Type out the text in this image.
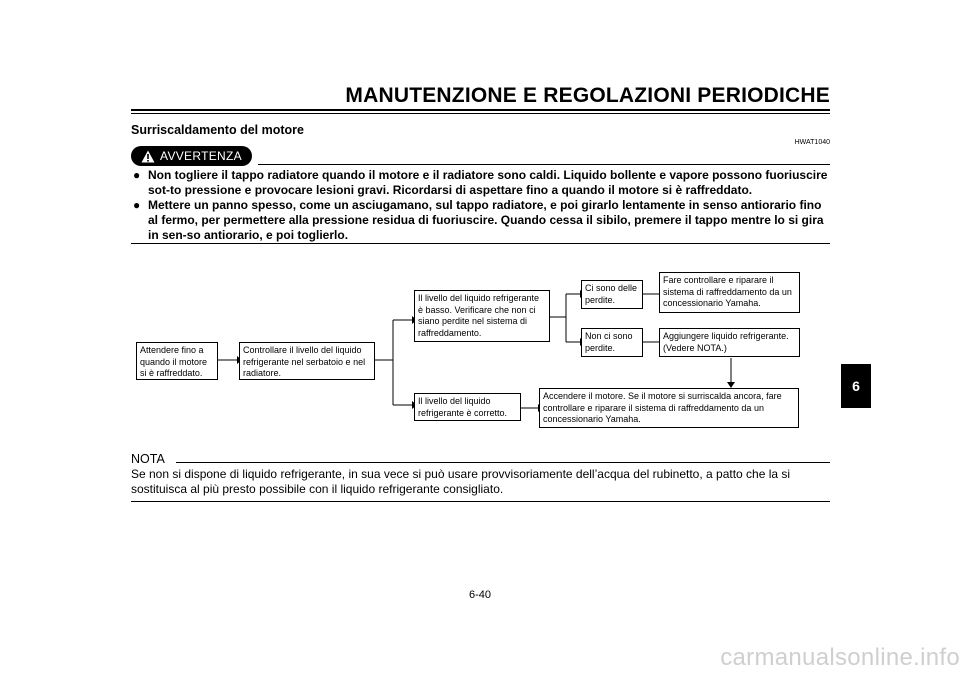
MANUTENZIONE E REGOLAZIONI PERIODICHE
Surriscaldamento del motore
HWAT1040
AVVERTENZA
● Non togliere il tappo radiatore quando il motore e il radiatore sono caldi. Liquido bollente e vapore possono fuoriuscire sot-to pressione e provocare lesioni gravi. Ricordarsi di aspettare fino a quando il motore si è raffreddato.
● Mettere un panno spesso, come un asciugamano, sul tappo radiatore, e poi girarlo lentamente in senso antiorario fino al fermo, per permettere alla pressione residua di fuoriuscire. Quando cessa il sibilo, premere il tappo mentre lo si gira in sen-so antiorario, e poi toglierlo.
Attendere fino a quando il motore si è raffreddato.
Controllare il livello del liquido refrigerante nel serbatoio e nel radiatore.
Il livello del liquido refrigerante è basso. Verificare che non ci siano perdite nel sistema di raffreddamento.
Il livello del liquido refrigerante è corretto.
Ci sono delle perdite.
Non ci sono perdite.
Fare controllare e riparare il sistema di raffreddamento da un concessionario Yamaha.
Aggiungere liquido refrigerante. (Vedere NOTA.)
Accendere il motore. Se il motore si surriscalda ancora, fare controllare e riparare il sistema di raffreddamento da un concessionario Yamaha.
NOTA
Se non si dispone di liquido refrigerante, in sua vece si può usare provvisoriamente dell’acqua del rubinetto, a patto che la si sostituisca al più presto possibile con il liquido refrigerante consigliato.
6
6-40
carmanualsonline.info
